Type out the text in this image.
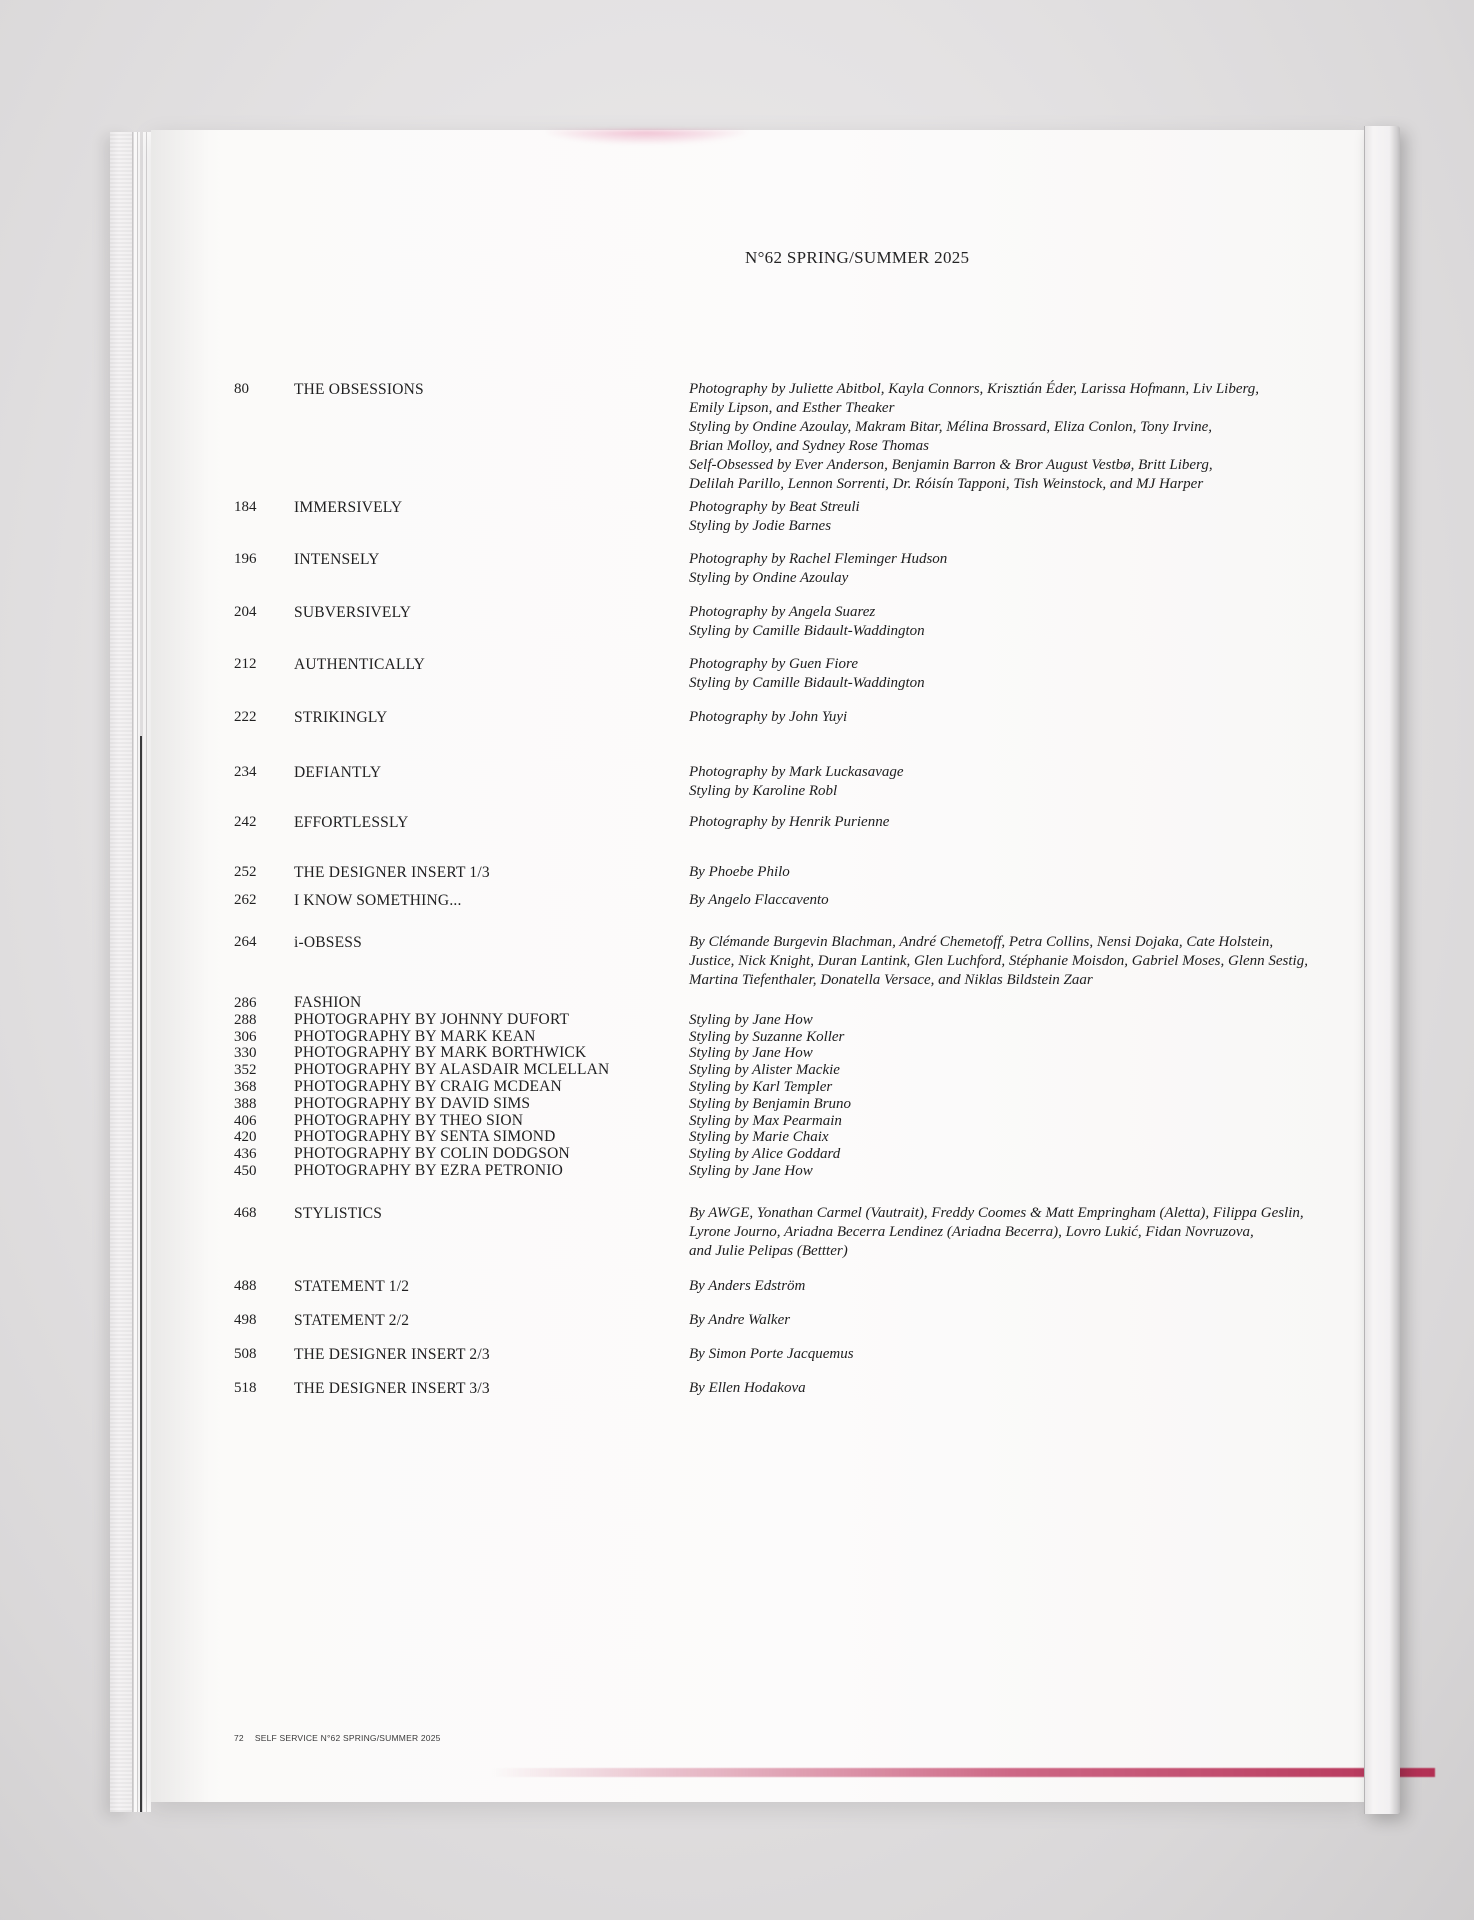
N°62 SPRING/SUMMER 2025
80	THE OBSESSIONS	Photography by Juliette Abitbol, Kayla Connors, Krisztián Éder, Larissa Hofmann, Liv Liberg,
Emily Lipson, and Esther Theaker
Styling by Ondine Azoulay, Makram Bitar, Mélina Brossard, Eliza Conlon, Tony Irvine,
Brian Molloy, and Sydney Rose Thomas
Self-Obsessed by Ever Anderson, Benjamin Barron & Bror August Vestbø, Britt Liberg,
Delilah Parillo, Lennon Sorrenti, Dr. Róisín Tapponi, Tish Weinstock, and MJ Harper
184	IMMERSIVELY	Photography by Beat Streuli
Styling by Jodie Barnes
196	INTENSELY	Photography by Rachel Fleminger Hudson
Styling by Ondine Azoulay
204	SUBVERSIVELY	Photography by Angela Suarez
Styling by Camille Bidault-Waddington
212	AUTHENTICALLY	Photography by Guen Fiore
Styling by Camille Bidault-Waddington
222	STRIKINGLY	Photography by John Yuyi
234	DEFIANTLY	Photography by Mark Luckasavage
Styling by Karoline Robl
242	EFFORTLESSLY	Photography by Henrik Purienne
252	THE DESIGNER INSERT 1/3	By Phoebe Philo
262	I KNOW SOMETHING...	By Angelo Flaccavento
264	i-OBSESS	By Clémande Burgevin Blachman, André Chemetoff, Petra Collins, Nensi Dojaka, Cate Holstein,
Justice, Nick Knight, Duran Lantink, Glen Luchford, Stéphanie Moisdon, Gabriel Moses, Glenn Sestig,
Martina Tiefenthaler, Donatella Versace, and Niklas Bildstein Zaar
286	FASHION
288	PHOTOGRAPHY BY JOHNNY DUFORT	Styling by Jane How
306	PHOTOGRAPHY BY MARK KEAN	Styling by Suzanne Koller
330	PHOTOGRAPHY BY MARK BORTHWICK	Styling by Jane How
352	PHOTOGRAPHY BY ALASDAIR MCLELLAN	Styling by Alister Mackie
368	PHOTOGRAPHY BY CRAIG MCDEAN	Styling by Karl Templer
388	PHOTOGRAPHY BY DAVID SIMS	Styling by Benjamin Bruno
406	PHOTOGRAPHY BY THEO SION	Styling by Max Pearmain
420	PHOTOGRAPHY BY SENTA SIMOND	Styling by Marie Chaix
436	PHOTOGRAPHY BY COLIN DODGSON	Styling by Alice Goddard
450	PHOTOGRAPHY BY EZRA PETRONIO	Styling by Jane How
468	STYLISTICS	By AWGE, Yonathan Carmel (Vautrait), Freddy Coomes & Matt Empringham (Aletta), Filippa Geslin,
Lyrone Journo, Ariadna Becerra Lendinez (Ariadna Becerra), Lovro Lukić, Fidan Novruzova,
and Julie Pelipas (Bettter)
488	STATEMENT 1/2	By Anders Edström
498	STATEMENT 2/2	By Andre Walker
508	THE DESIGNER INSERT 2/3	By Simon Porte Jacquemus
518	THE DESIGNER INSERT 3/3	By Ellen Hodakova
72 SELF SERVICE N°62 SPRING/SUMMER 2025
